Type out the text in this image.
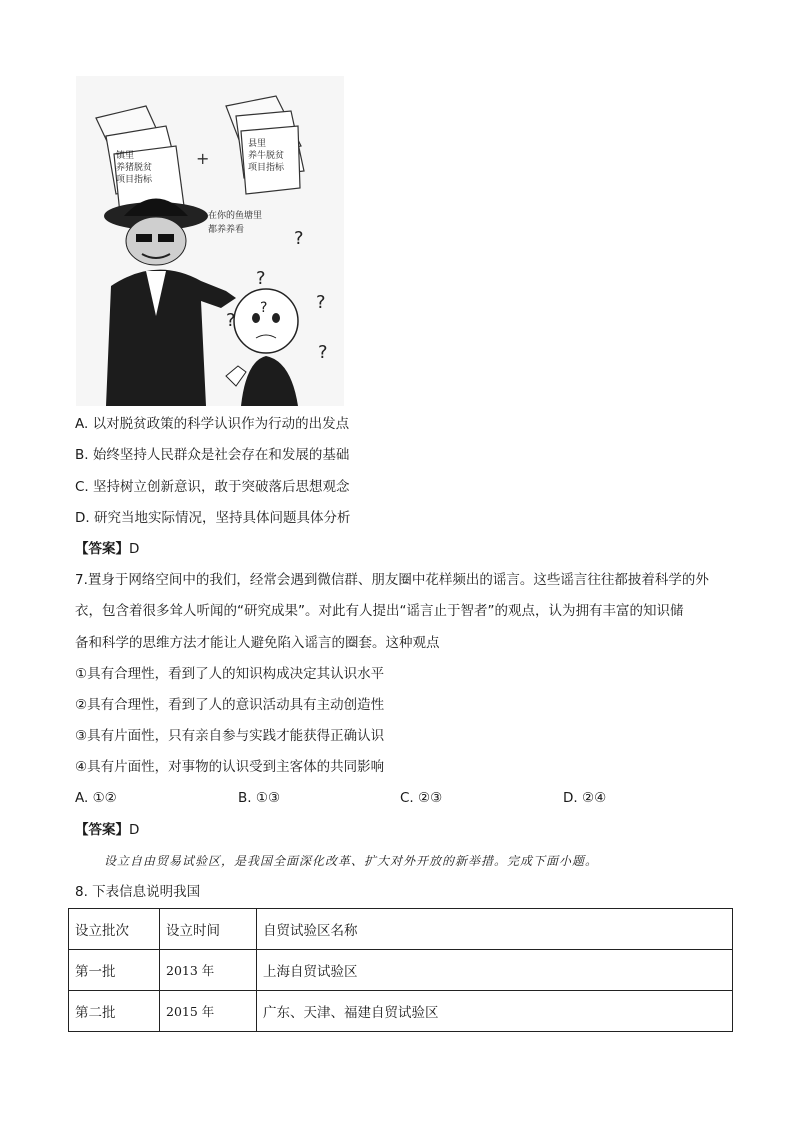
镇里
养猪脱贫
项目指标
+
县里
养牛脱贫
项目指标
在你的鱼塘里
都养养看
?
?
?
?
?
?
A. 以对脱贫政策的科学认识作为行动的出发点
B. 始终坚持人民群众是社会存在和发展的基础
C. 坚持树立创新意识，敢于突破落后思想观念
D. 研究当地实际情况，坚持具体问题具体分析
【答案】D
7.置身于网络空间中的我们，经常会遇到微信群、朋友圈中花样频出的谣言。这些谣言往往都披着科学的外
衣，包含着很多耸人听闻的“研究成果”。对此有人提出“谣言止于智者”的观点，认为拥有丰富的知识储
备和科学的思维方法才能让人避免陷入谣言的圈套。这种观点
①具有合理性，看到了人的知识构成决定其认识水平
②具有合理性，看到了人的意识活动具有主动创造性
③具有片面性，只有亲自参与实践才能获得正确认识
④具有片面性，对事物的认识受到主客体的共同影响
A. ①②	B. ①③	C. ②③	D. ②④
【答案】D
设立自由贸易试验区，是我国全面深化改革、扩大对外开放的新举措。完成下面小题。
8. 下表信息说明我国
设立批次	设立时间	自贸试验区名称
第一批	2013 年	上海自贸试验区
第二批	2015 年	广东、天津、福建自贸试验区
